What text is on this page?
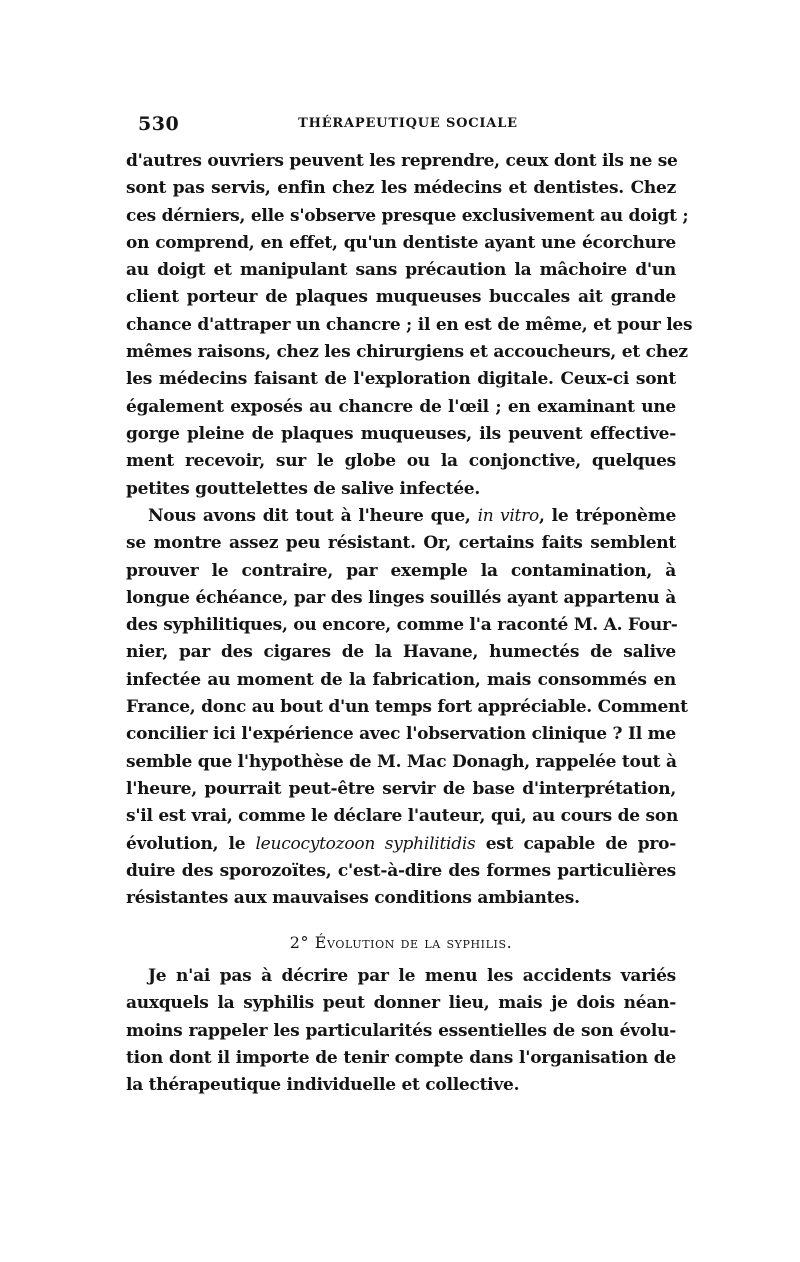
530	THÉRAPEUTIQUE SOCIALE
d'autres ouvriers peuvent les reprendre, ceux dont ils ne se
sont pas servis, enfin chez les médecins et dentistes. Chez
ces dérniers, elle s'observe presque exclusivement au doigt ;
on comprend, en effet, qu'un dentiste ayant une écorchure
au doigt et manipulant sans précaution la mâchoire d'un
client porteur de plaques muqueuses buccales ait grande
chance d'attraper un chancre ; il en est de même, et pour les
mêmes raisons, chez les chirurgiens et accoucheurs, et chez
les médecins faisant de l'exploration digitale. Ceux-ci sont
également exposés au chancre de l'œil ; en examinant une
gorge pleine de plaques muqueuses, ils peuvent effective-
ment recevoir, sur le globe ou la conjonctive, quelques
petites gouttelettes de salive infectée.
Nous avons dit tout à l'heure que, in vitro, le tréponème
se montre assez peu résistant. Or, certains faits semblent
prouver le contraire, par exemple la contamination, à
longue échéance, par des linges souillés ayant appartenu à
des syphilitiques, ou encore, comme l'a raconté M. A. Four-
nier, par des cigares de la Havane, humectés de salive
infectée au moment de la fabrication, mais consommés en
France, donc au bout d'un temps fort appréciable. Comment
concilier ici l'expérience avec l'observation clinique ? Il me
semble que l'hypothèse de M. Mac Donagh, rappelée tout à
l'heure, pourrait peut-être servir de base d'interprétation,
s'il est vrai, comme le déclare l'auteur, qui, au cours de son
évolution, le leucocytozoon syphilitidis est capable de pro-
duire des sporozoïtes, c'est-à-dire des formes particulières
résistantes aux mauvaises conditions ambiantes.
2° Évolution de la syphilis.
Je n'ai pas à décrire par le menu les accidents variés
auxquels la syphilis peut donner lieu, mais je dois néan-
moins rappeler les particularités essentielles de son évolu-
tion dont il importe de tenir compte dans l'organisation de
la thérapeutique individuelle et collective.
